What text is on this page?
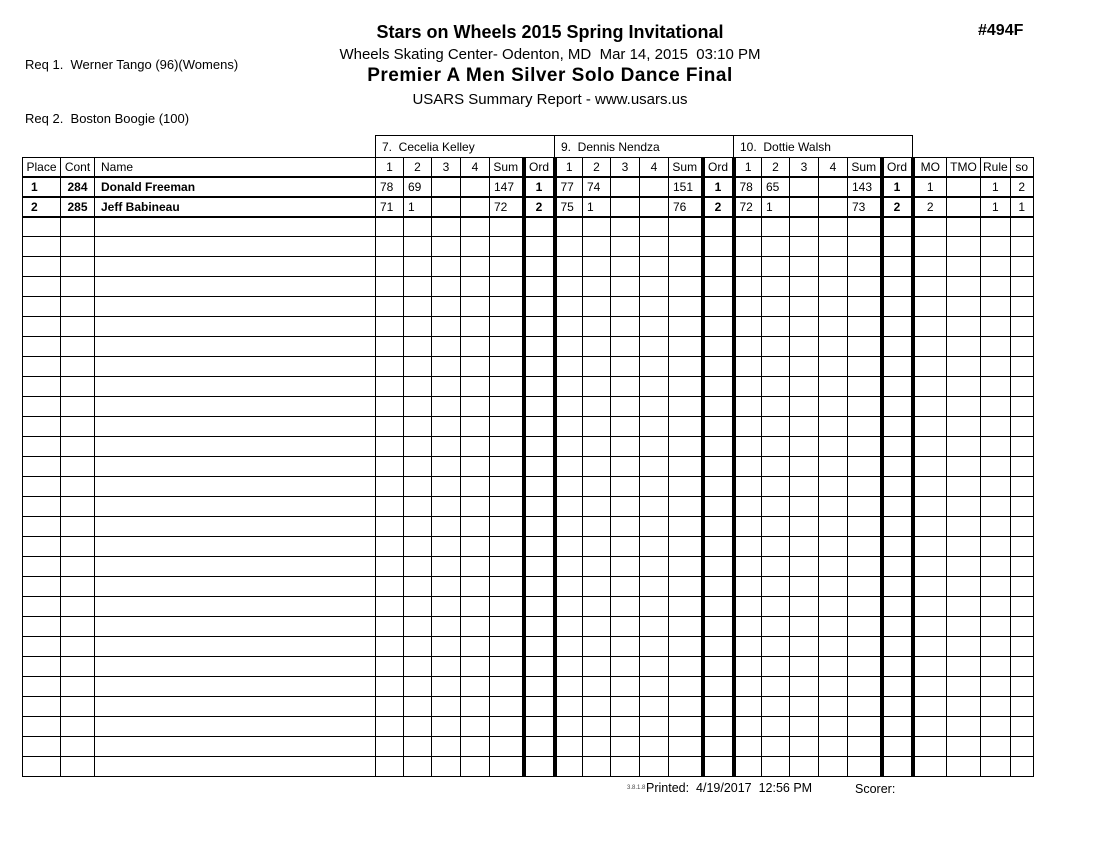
Req 1.  Werner Tango (96)(Womens)

Req 2.  Boston Boogie (100)

Stars on Wheels 2015 Spring Invitational
Wheels Skating Center- Odenton, MD  Mar 14, 2015  03:10 PM
Premier A Men Silver Solo Dance Final
USARS Summary Report - www.usars.us
#494F
			7.  Cecelia Kelley						9.  Dennis Nendza						10.  Dottie Walsh									
Place	Cont	Name	1	2	3	4	Sum	Ord	1	2	3	4	Sum	Ord	1	2	3	4	Sum	Ord	MO	TMO	Rule	so
1	284	Donald Freeman	78	69			147	1	77	74			151	1	78	65			143	1	1		1	2
2	285	Jeff Babineau	71	1			72	2	75	1			76	2	72	1			73	2	2		1	1

3.8.1.8 Printed:  4/19/2017  12:56 PM	Scorer:
